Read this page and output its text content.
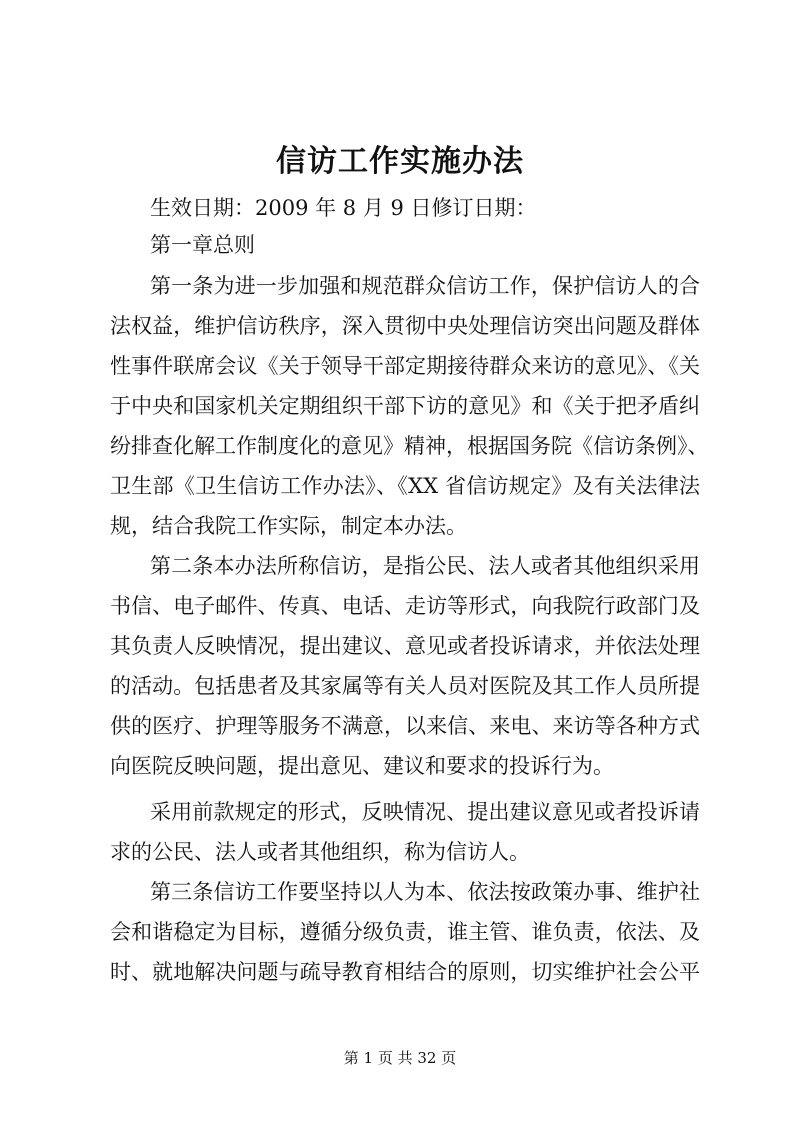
信访工作实施办法
生效日期：2009 年 8 月 9 日修订日期：
第一章总则
第一条为进一步加强和规范群众信访工作，保护信访人的合
法权益，维护信访秩序，深入贯彻中央处理信访突出问题及群体
性事件联席会议《关于领导干部定期接待群众来访的意见》、《关
于中央和国家机关定期组织干部下访的意见》和《关于把矛盾纠
纷排查化解工作制度化的意见》精神，根据国务院《信访条例》、
卫生部《卫生信访工作办法》、《XX 省信访规定》及有关法律法
规，结合我院工作实际，制定本办法。
第二条本办法所称信访，是指公民、法人或者其他组织采用
书信、电子邮件、传真、电话、走访等形式，向我院行政部门及
其负责人反映情况，提出建议、意见或者投诉请求，并依法处理
的活动。包括患者及其家属等有关人员对医院及其工作人员所提
供的医疗、护理等服务不满意，以来信、来电、来访等各种方式
向医院反映问题，提出意见、建议和要求的投诉行为。
采用前款规定的形式，反映情况、提出建议意见或者投诉请
求的公民、法人或者其他组织，称为信访人。
第三条信访工作要坚持以人为本、依法按政策办事、维护社
会和谐稳定为目标，遵循分级负责，谁主管、谁负责，依法、及
时、就地解决问题与疏导教育相结合的原则，切实维护社会公平
第 1 页 共 32 页
